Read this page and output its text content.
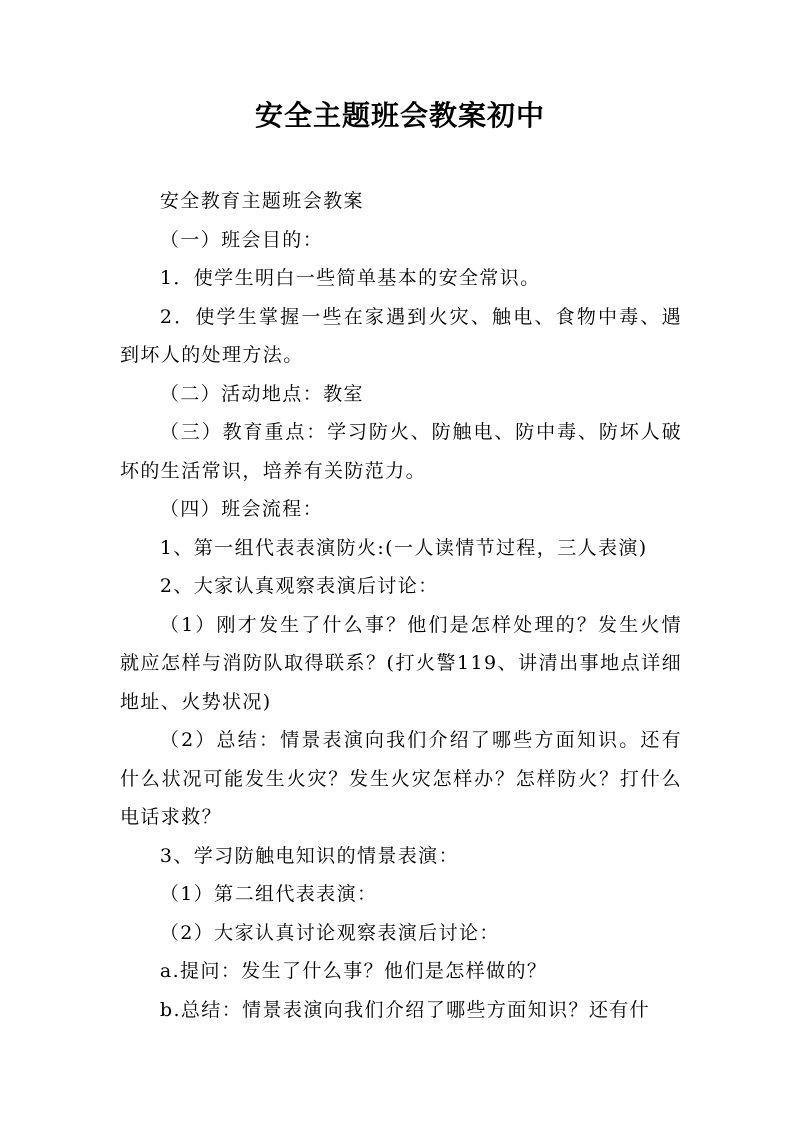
安全主题班会教案初中

安全教育主题班会教案

（一）班会目的：

1．使学生明白一些简单基本的安全常识。

2．使学生掌握一些在家遇到火灾、触电、食物中毒、遇到坏人的处理方法。

（二）活动地点：教室

（三）教育重点：学习防火、防触电、防中毒、防坏人破坏的生活常识，培养有关防范力。

（四）班会流程：

1、第一组代表表演防火:(一人读情节过程，三人表演)

2、大家认真观察表演后讨论：

（1）刚才发生了什么事？他们是怎样处理的？发生火情就应怎样与消防队取得联系？(打火警119、讲清出事地点详细地址、火势状况)

（2）总结：情景表演向我们介绍了哪些方面知识。还有什么状况可能发生火灾？发生火灾怎样办？怎样防火？打什么电话求救？

3、学习防触电知识的情景表演：

（1）第二组代表表演：

（2）大家认真讨论观察表演后讨论：

a.提问：发生了什么事？他们是怎样做的？

b.总结：情景表演向我们介绍了哪些方面知识？还有什
